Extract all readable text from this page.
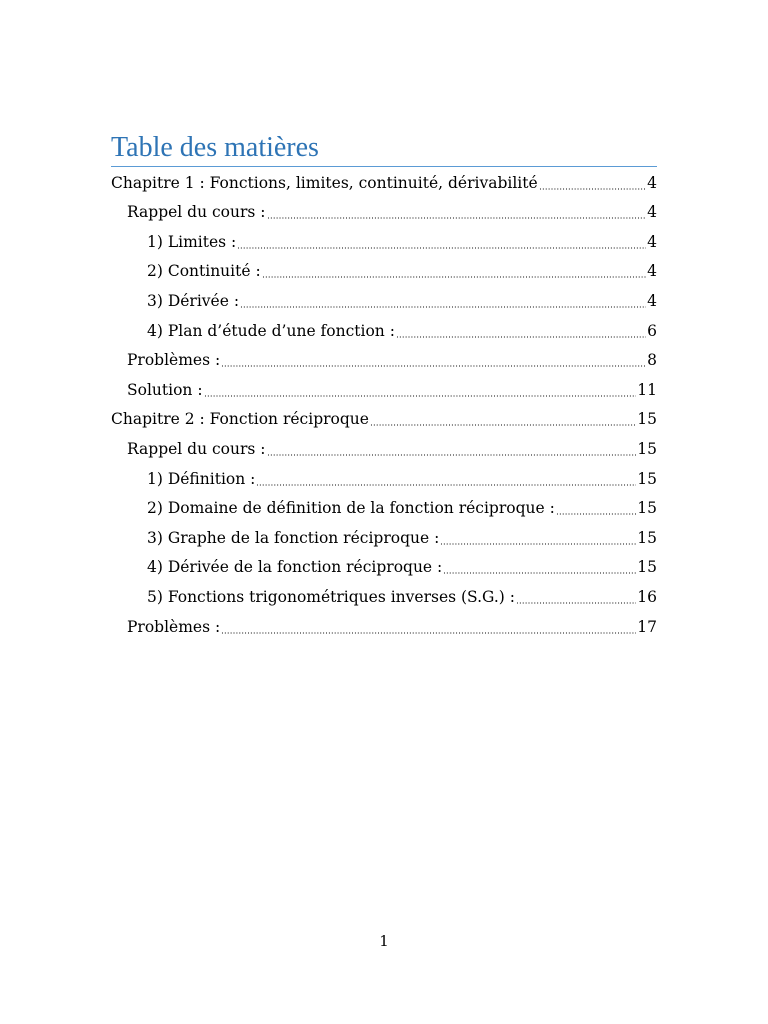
Table des matières
Chapitre 1 : Fonctions, limites, continuité, dérivabilité	4
Rappel du cours :	4
1) Limites :	4
2) Continuité :	4
3) Dérivée :	4
4) Plan d’étude d’une fonction :	6
Problèmes :	8
Solution :	11
Chapitre 2 : Fonction réciproque	15
Rappel du cours :	15
1) Définition :	15
2) Domaine de définition de la fonction réciproque :	15
3) Graphe de la fonction réciproque :	15
4) Dérivée de la fonction réciproque :	15
5) Fonctions trigonométriques inverses (S.G.) :	16
Problèmes :	17
1
